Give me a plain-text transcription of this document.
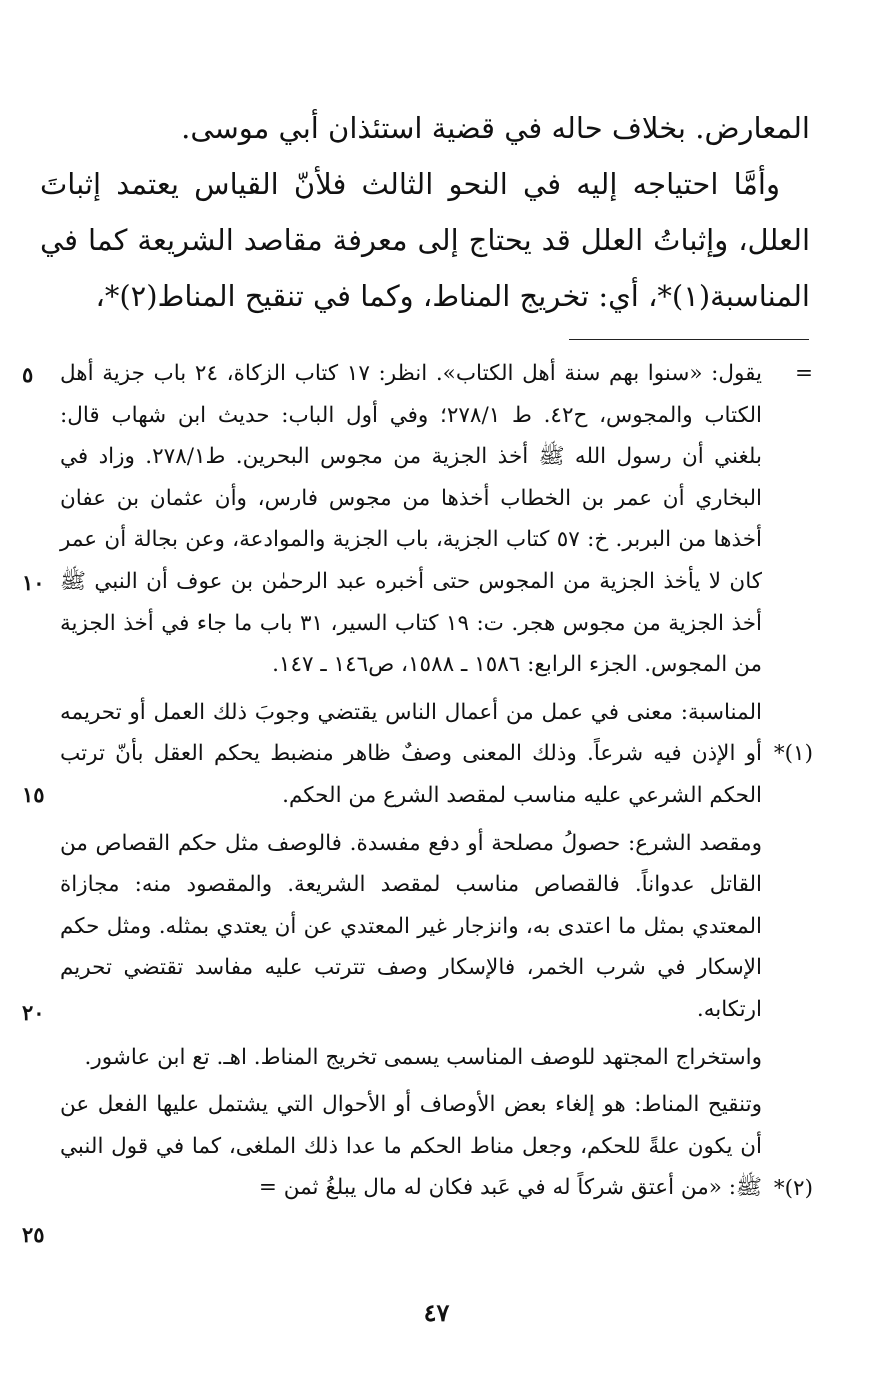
المعارض. بخلاف حاله في قضية استئذان أبي موسى.

وأمَّا احتياجه إليه في النحو الثالث فلأنّ القياس يعتمد إثباتَ العلل، وإثباتُ العلل قد يحتاج إلى معرفة مقاصد الشريعة كما في المناسبة(١)*، أي: تخريج المناط، وكما في تنقيح المناط(٢)*،

=
(١)*
(٢)*

يقول: «سنوا بهم سنة أهل الكتاب». انظر: ١٧ كتاب الزكاة، ٢٤ باب جزية أهل الكتاب والمجوس، ح٤٢. ط ٢٧٨/١؛ وفي أول الباب: حديث ابن شهاب قال: بلغني أن رسول الله ﷺ أخذ الجزية من مجوس البحرين. ط٢٧٨/١. وزاد في البخاري أن عمر بن الخطاب أخذها من مجوس فارس، وأن عثمان بن عفان أخذها من البربر. خ: ٥٧ كتاب الجزية، باب الجزية والموادعة، وعن بجالة أن عمر كان لا يأخذ الجزية من المجوس حتى أخبره عبد الرحمٰن بن عوف أن النبي ﷺ أخذ الجزية من مجوس هجر. ت: ١٩ كتاب السير، ٣١ باب ما جاء في أخذ الجزية من المجوس. الجزء الرابع: ١٥٨٦ ـ ١٥٨٨، ص١٤٦ ـ ١٤٧.

المناسبة: معنى في عمل من أعمال الناس يقتضي وجوبَ ذلك العمل أو تحريمه أو الإذن فيه شرعاً. وذلك المعنى وصفٌ ظاهر منضبط يحكم العقل بأنّ ترتب الحكم الشرعي عليه مناسب لمقصد الشرع من الحكم.

ومقصد الشرع: حصولُ مصلحة أو دفع مفسدة. فالوصف مثل حكم القصاص من القاتل عدواناً. فالقصاص مناسب لمقصد الشريعة. والمقصود منه: مجازاة المعتدي بمثل ما اعتدى به، وانزجار غير المعتدي عن أن يعتدي بمثله. ومثل حكم الإسكار في شرب الخمر، فالإسكار وصف تترتب عليه مفاسد تقتضي تحريم ارتكابه.

واستخراج المجتهد للوصف المناسب يسمى تخريج المناط. اهـ. تع ابن عاشور.

وتنقيح المناط: هو إلغاء بعض الأوصاف أو الأحوال التي يشتمل عليها الفعل عن أن يكون علةً للحكم، وجعل مناط الحكم ما عدا ذلك الملغى، كما في قول النبي ﷺ: «من أعتق شركاً له في عَبد فكان له مال يبلغُ ثمن =

٥
١٠
١٥
٢٠
٢٥
٤٧
